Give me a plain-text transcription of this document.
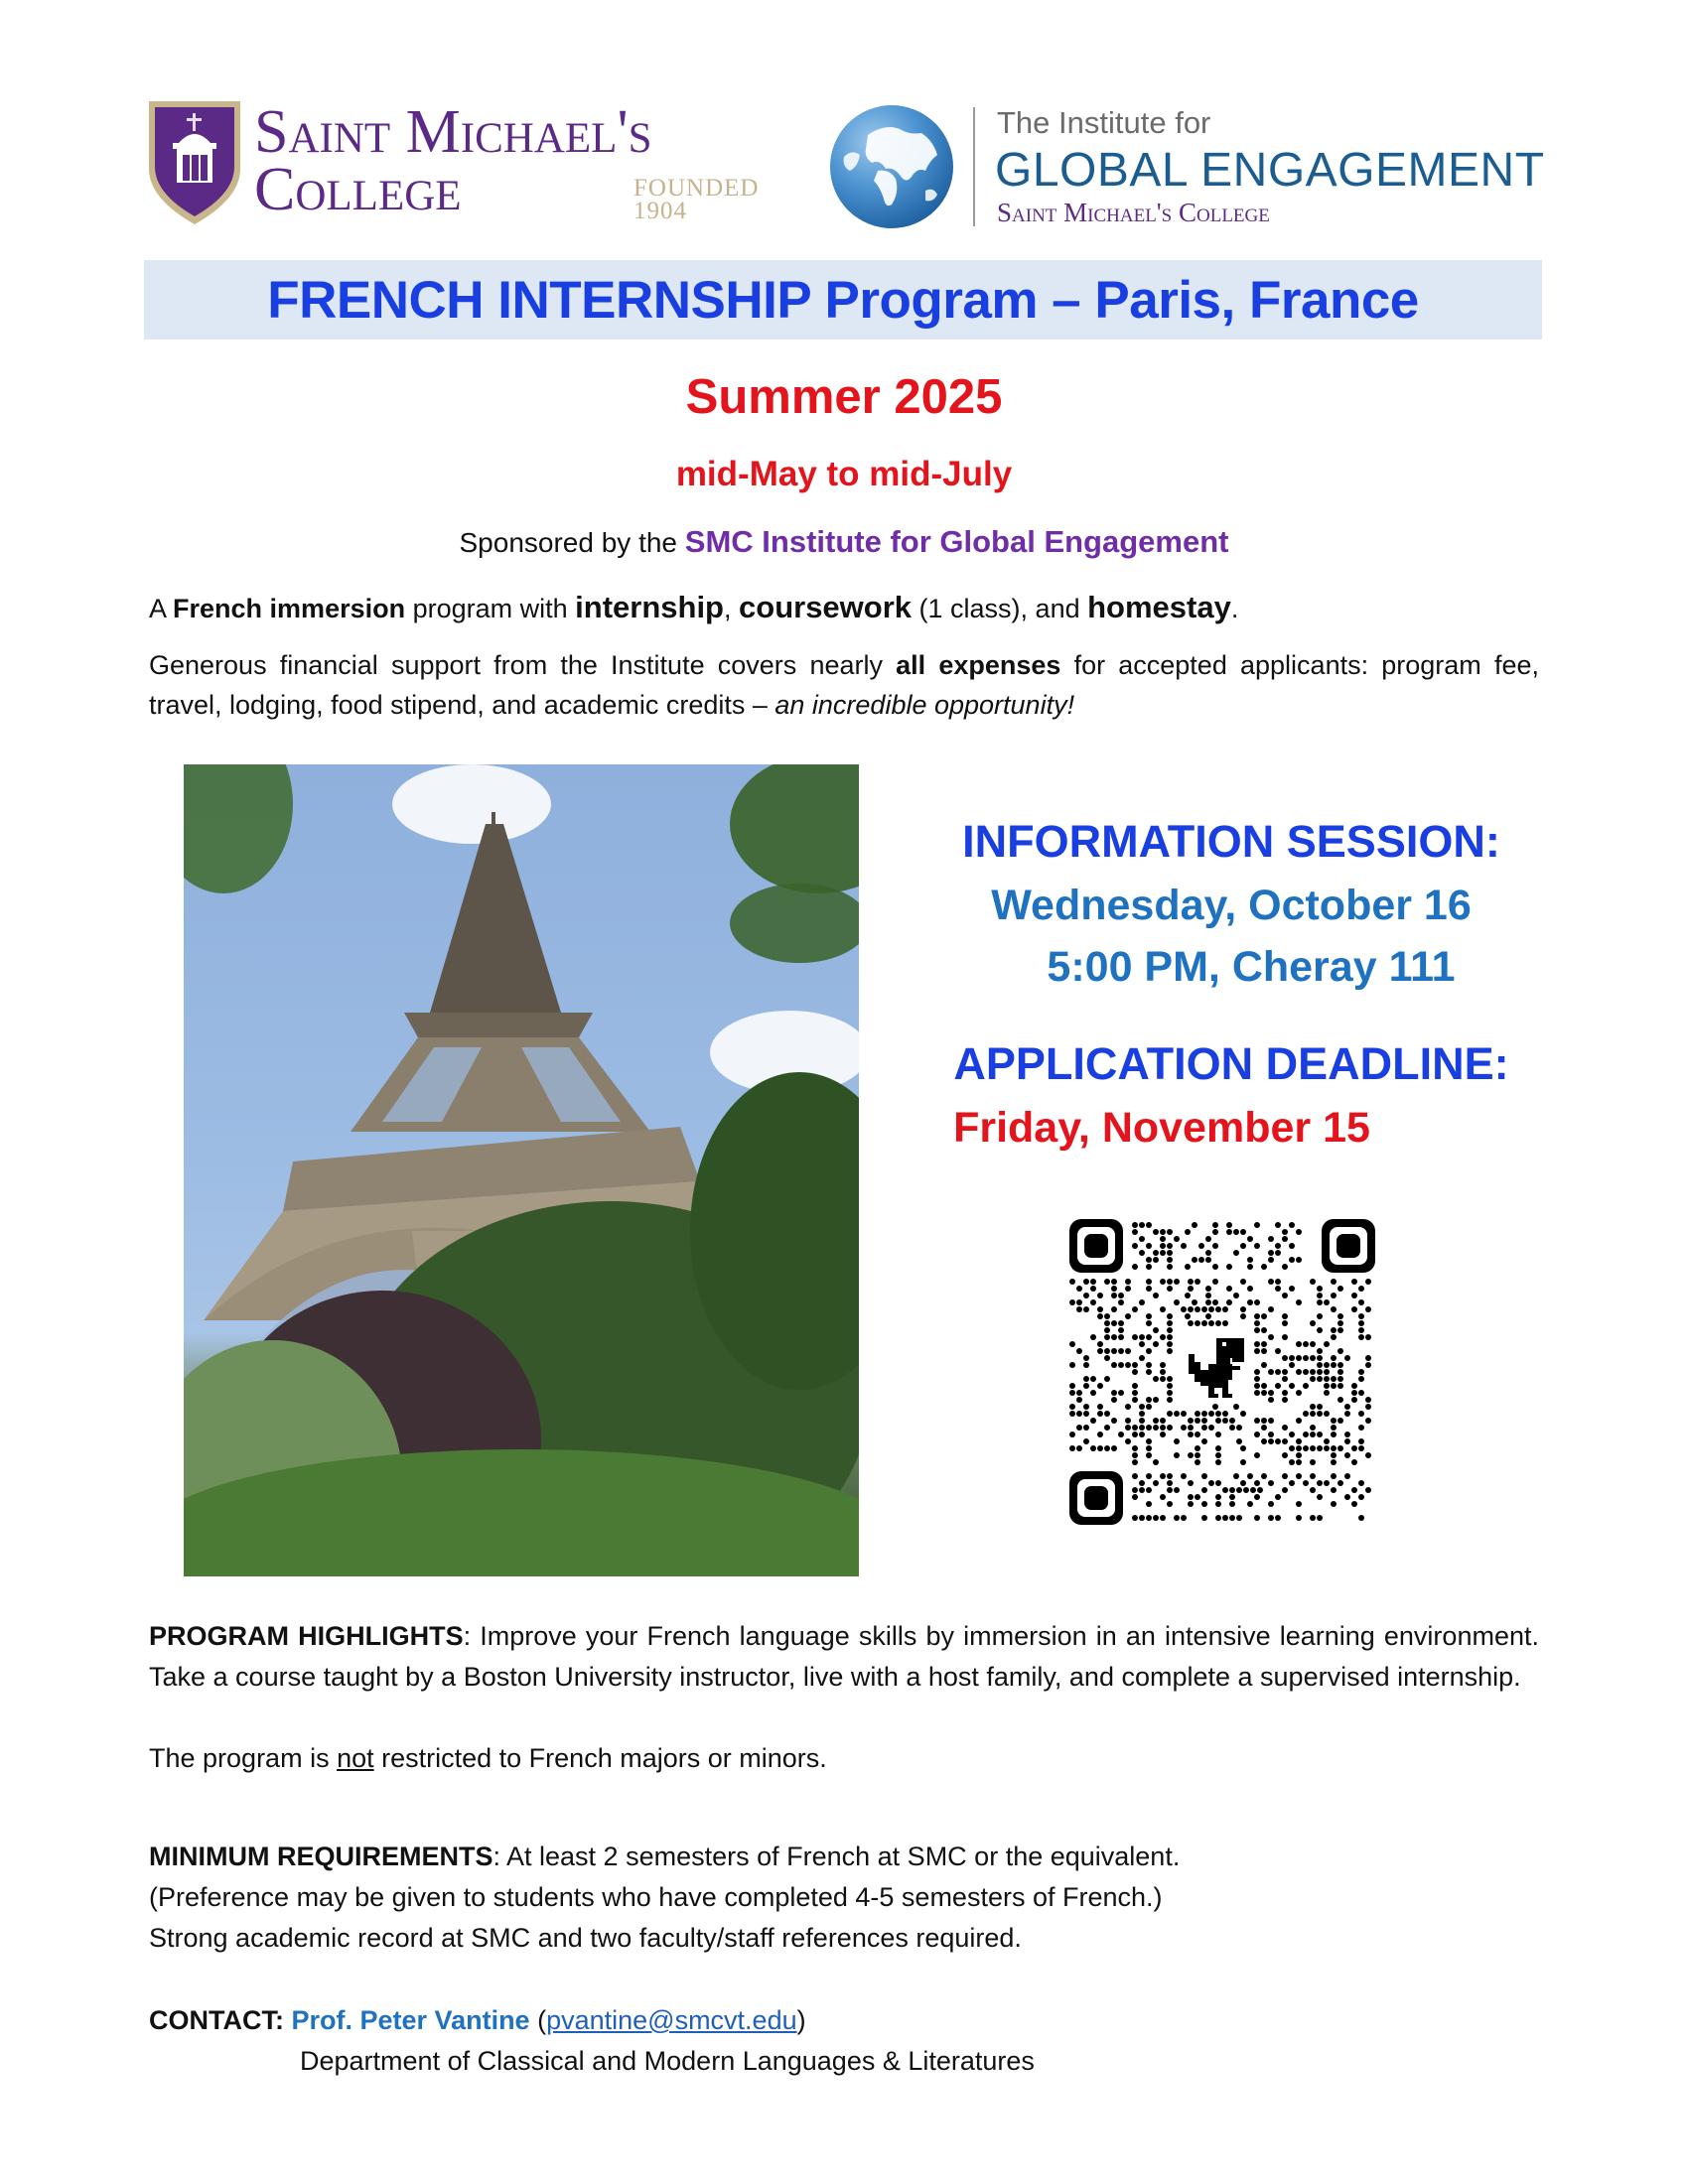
Saint Michael's
College	FOUNDED
1904
The Institute for
GLOBAL ENGAGEMENT
Saint Michael's College
FRENCH INTERNSHIP Program – Paris, France
Summer 2025
mid-May to mid-July
Sponsored by the SMC Institute for Global Engagement
A French immersion program with internship, coursework (1 class), and homestay.
Generous financial support from the Institute covers nearly all expenses for accepted applicants: program fee, travel, lodging, food stipend, and academic credits – an incredible opportunity!
INFORMATION SESSION:
Wednesday, October 16
5:00 PM, Cheray 111
APPLICATION DEADLINE:
Friday, November 15
PROGRAM HIGHLIGHTS: Improve your French language skills by immersion in an intensive learning environment. Take a course taught by a Boston University instructor, live with a host family, and complete a supervised internship.
The program is not restricted to French majors or minors.
MINIMUM REQUIREMENTS: At least 2 semesters of French at SMC or the equivalent.
(Preference may be given to students who have completed 4-5 semesters of French.)
Strong academic record at SMC and two faculty/staff references required.
CONTACT: Prof. Peter Vantine (pvantine@smcvt.edu)
Department of Classical and Modern Languages & Literatures
